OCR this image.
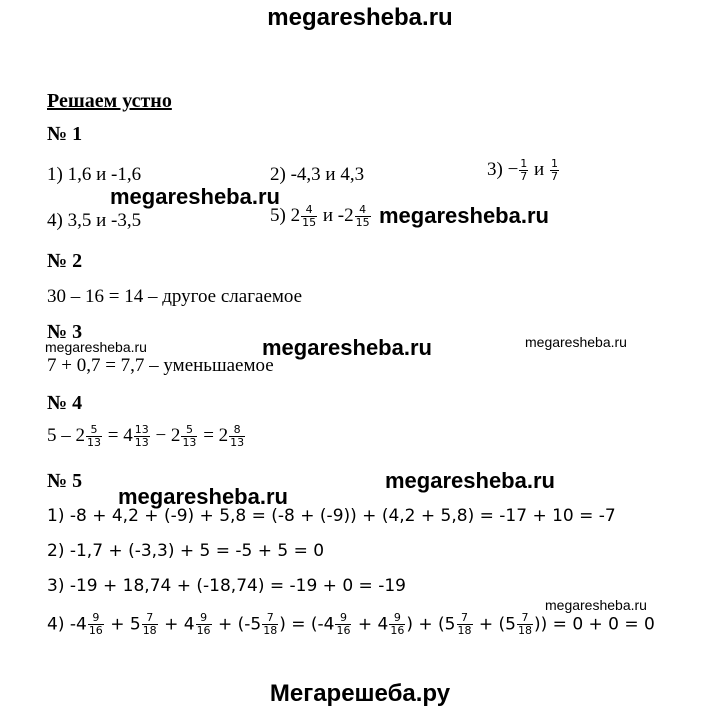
megaresheba.ru
Решаем устно
№ 1
1) 1,6 и -1,6	2) -4,3 и 4,3	$3) - \frac{1}{7}$ и $\frac{1}{7}$
megaresheba.ru
4) 3,5 и -3,5	5) $2 \frac{4}{15}$ и $-2 \frac{4}{15}$ megaresheba.ru
№ 2
30 – 16 = 14 – другое слагаемое
№ 3
megaresheba.ru	megaresheba.ru	megaresheba.ru
7 + 0,7 = 7,7 – уменьшаемое
№ 4
$5 - 2 \frac{5}{13} = 4 \frac{13}{13} - 2 \frac{5}{13} = 2 \frac{8}{13}$
megaresheba.ru
№ 5
megaresheba.ru
1) -8 + 4,2 + (-9) + 5,8 = (-8 + (-9)) + (4,2 + 5,8) = -17 + 10 = -7
2) -1,7 + (-3,3) + 5 = -5 + 5 = 0
3) -19 + 18,74 + (-18,74) = -19 + 0 = -19
megaresheba.ru
4) $-4 \frac{9}{16} + 5 \frac{7}{18} + 4 \frac{9}{16} + (-5 \frac{7}{18}$ ) = ($-4 \frac{9}{16} + 4 \frac{9}{16}$ ) + ($5 \frac{7}{18} + (5 \frac{7}{18}$ )) = 0 + 0 = 0
Мегарешеба.ру
